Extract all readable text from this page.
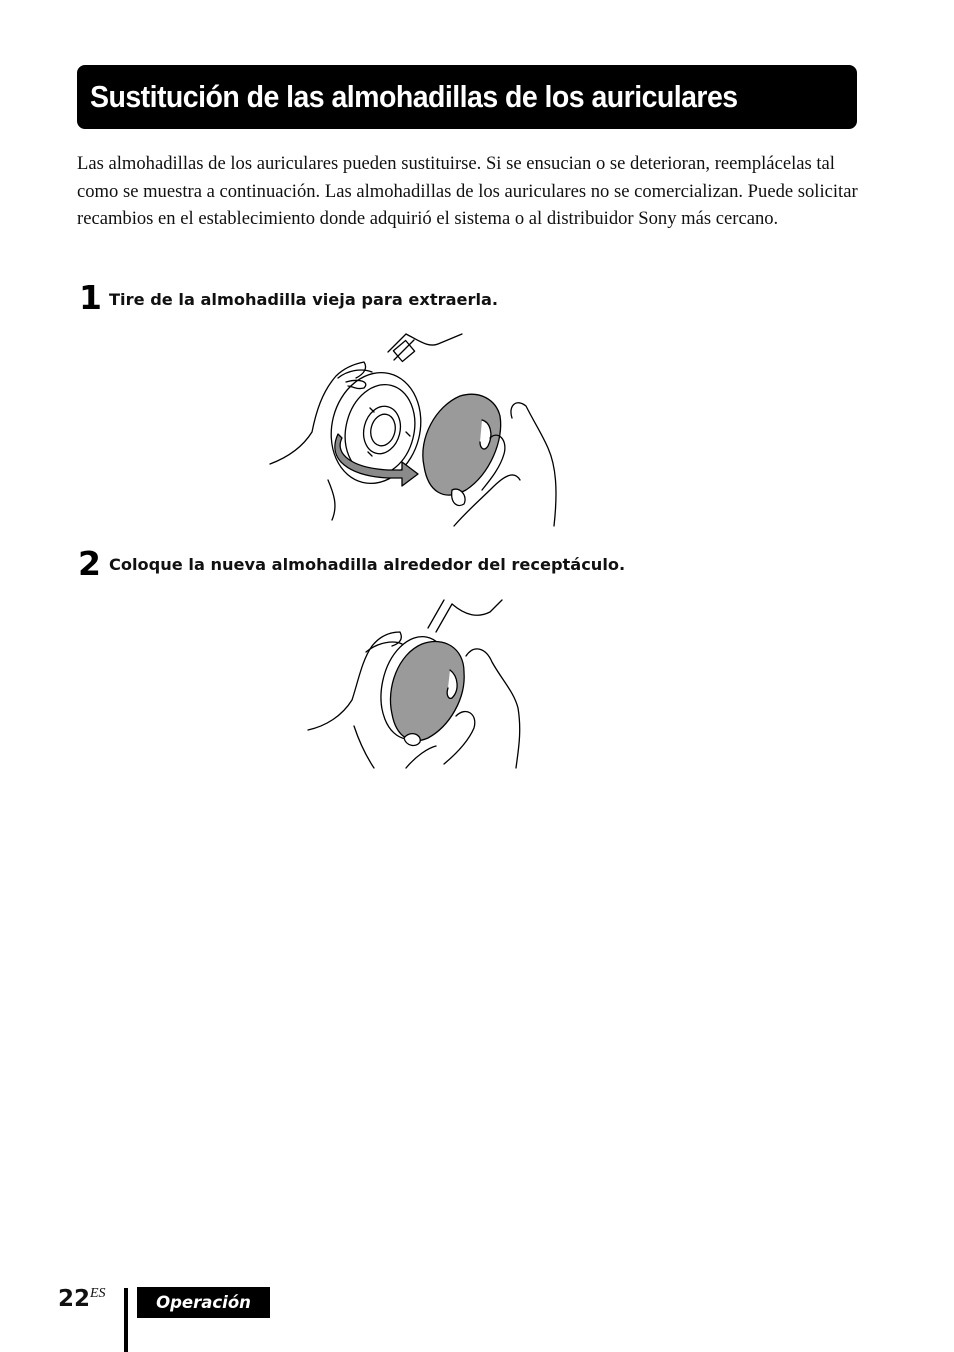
Sustitución de las almohadillas de los auriculares

Las almohadillas de los auriculares pueden sustituirse. Si se ensucian o se deterioran, reemplácelas tal como se muestra a continuación. Las almohadillas de los auriculares no se comercializan. Puede solicitar recambios en el establecimiento donde adquirió el sistema o al distribuidor Sony más cercano.

1 Tire de la almohadilla vieja para extraerla.
2 Coloque la nueva almohadilla alrededor del receptáculo.
22 ES	Operación
